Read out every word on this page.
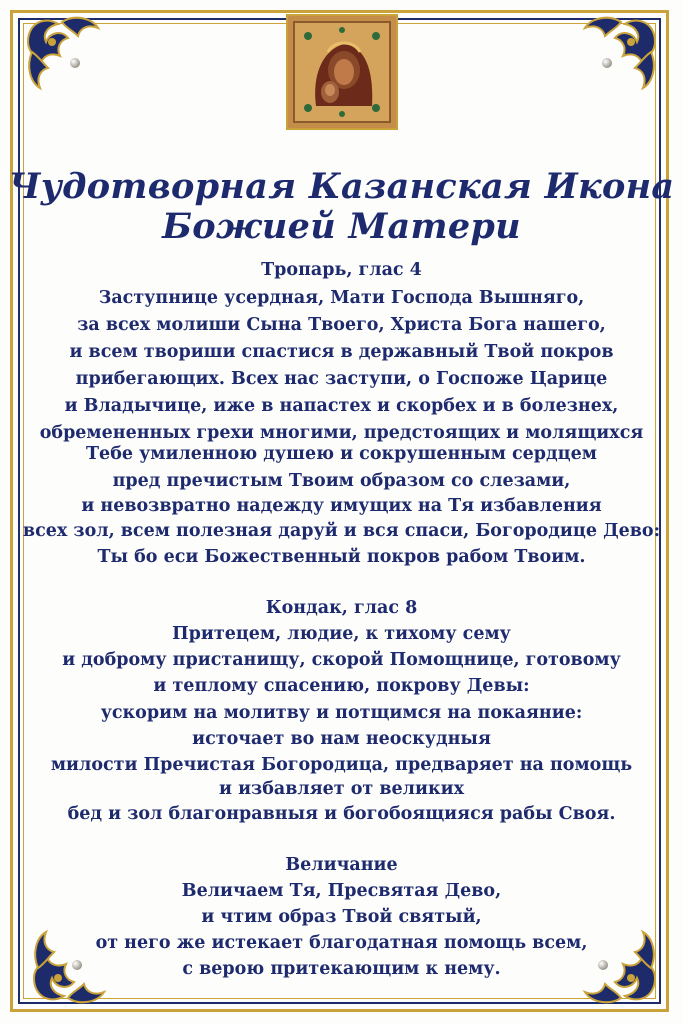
Чудотворная Казанская Икона
Божией Матери
Тропарь, глас 4
Заступнице усердная, Мати Господа Вышняго,
за всех молиши Сына Твоего, Христа Бога нашего,
и всем твориши спастися в державный Твой покров
прибегающих. Всех нас заступи, о Госпоже Царице
и Владычице, иже в напастех и скорбех и в болезнех,
обремененных грехи многими, предстоящих и молящихся
Тебе умиленною душею и сокрушенным сердцем
пред пречистым Твоим образом со слезами,
и невозвратно надежду имущих на Тя избавления
всех зол, всем полезная даруй и вся спаси, Богородице Дево:
Ты бо еси Божественный покров рабом Твоим.
Кондак, глас 8
Притецем, людие, к тихому сему
и доброму пристанищу, скорой Помощнице, готовому
и теплому спасению, покрову Девы:
ускорим на молитву и потщимся на покаяние:
источает во нам неоскудныя
милости Пречистая Богородица, предваряет на помощь
и избавляет от великих
бед и зол благонравныя и богобоящияся рабы Своя.
Величание
Величаем Тя, Пресвятая Дево,
и чтим образ Твой святый,
от него же истекает благодатная помощь всем,
с верою притекающим к нему.
